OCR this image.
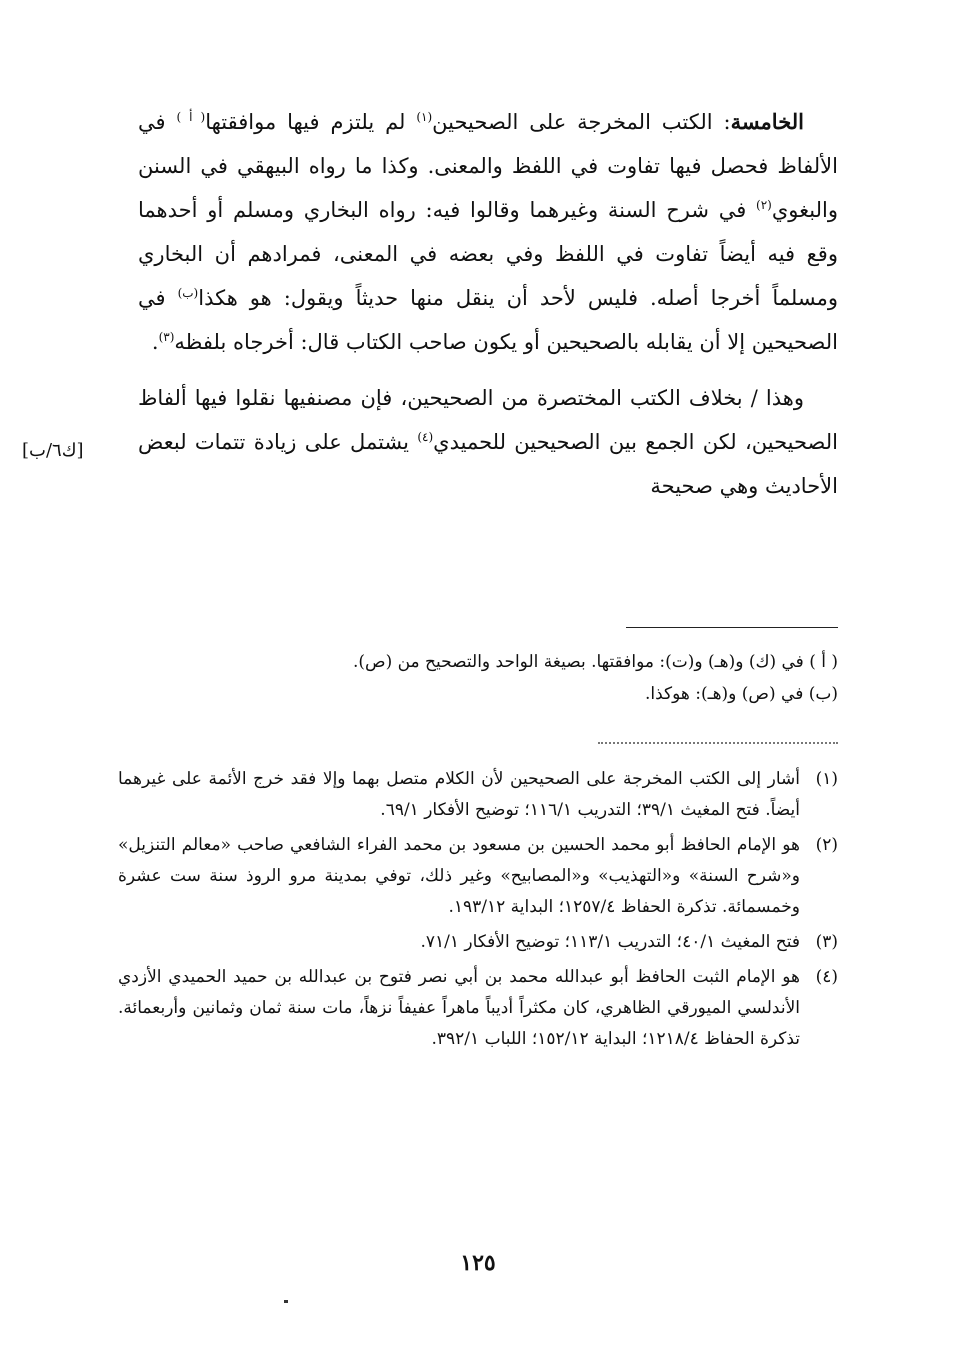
الخامسة: الكتب المخرجة على الصحيحين$^{(١)}$ لم يلتزم فيها موافقتها$^{( أ )}$ في الألفاظ فحصل فيها تفاوت في اللفظ والمعنى. وكذا ما رواه البيهقي في السنن والبغوي$^{(٢)}$ في شرح السنة وغيرهما وقالوا فيه: رواه البخاري ومسلم أو أحدهما وقع فيه أيضاً تفاوت في اللفظ وفي بعضه في المعنى، فمرادهم أن البخاري ومسلماً أخرجا أصله. فليس لأحد أن ينقل منها حديثاً ويقول: هو هكذا$^{(ب)}$ في الصحيحين إلا أن يقابله بالصحيحين أو يكون صاحب الكتاب قال: أخرجاه بلفظه$^{(٣)}$.

وهذا / بخلاف الكتب المختصرة من الصحيحين، فإن مصنفيها نقلوا فيها ألفاظ الصحيحين، لكن الجمع بين الصحيحين للحميدي$^{(٤)}$ يشتمل على زيادة تتمات لبعض الأحاديث وهي صحيحة

[ك٦/ب]

( أ ) في (ك) و(هـ) و(ت): موافقتها. بصيغة الواحد والتصحيح من (ص).

(ب) في (ص) و(هـ): هوكذا.

(١)
أشار إلى الكتب المخرجة على الصحيحين لأن الكلام متصل بهما وإلا فقد خرج الأئمة على غيرهما أيضاً. فتح المغيث ٣٩/١؛ التدريب ١١٦/١؛ توضيح الأفكار ٦٩/١.
(٢)
هو الإمام الحافظ أبو محمد الحسين بن مسعود بن محمد الفراء الشافعي صاحب «معالم التنزيل» و«شرح السنة» و«التهذيب» و«المصابيح» وغير ذلك، توفي بمدينة مرو الروذ سنة ست عشرة وخمسمائة. تذكرة الحفاظ ١٢٥٧/٤؛ البداية ١٩٣/١٢.
(٣)
فتح المغيث ٤٠/١؛ التدريب ١١٣/١؛ توضيح الأفكار ٧١/١.
(٤)
هو الإمام الثبت الحافظ أبو عبدالله محمد بن أبي نصر فتوح بن عبدالله بن حميد الحميدي الأزدي الأندلسي الميورقي الظاهري، كان مكثراً أديباً ماهراً عفيفاً نزهاً، مات سنة ثمان وثمانين وأربعمائة. تذكرة الحفاظ ١٢١٨/٤؛ البداية ١٥٢/١٢؛ اللباب ٣٩٢/١.
١٢٥
